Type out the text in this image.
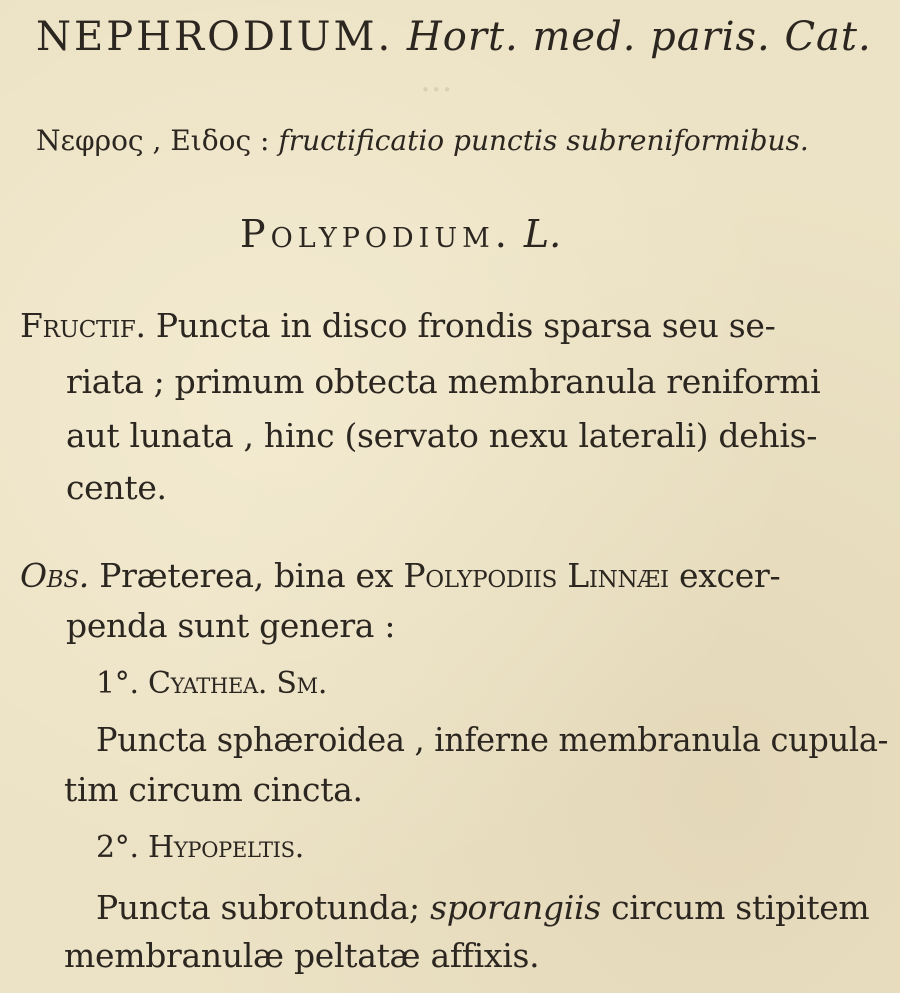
...
NEPHRODIUM. Hort. med. paris. Cat.
Νεφρος , Ειδος : fructificatio punctis subreniformibus.
Polypodium. L.
Fructif. Puncta in disco frondis sparsa seu se-
riata ; primum obtecta membranula reniformi
aut lunata , hinc (servato nexu laterali) dehis-
cente.
Obs. Præterea, bina ex Polypodiis Linnæi excer-
penda sunt genera :
1°. Cyathea. Sm.
Puncta sphæroidea , inferne membranula cupula-
tim circum cincta.
2°. Hypopeltis.
Puncta subrotunda; sporangiis circum stipitem
membranulæ peltatæ affixis.
